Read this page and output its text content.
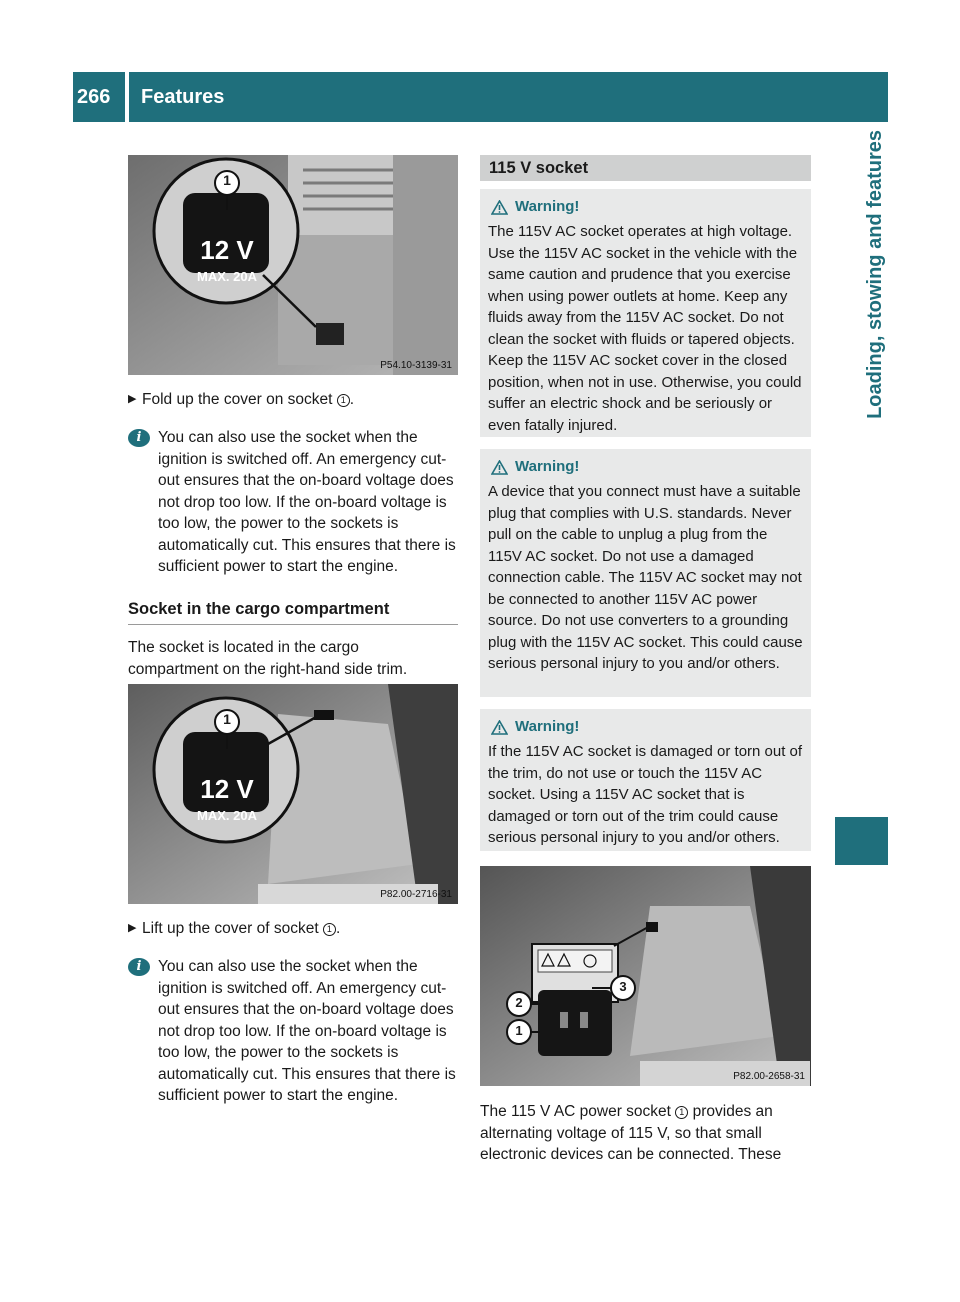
266	Features
Loading, stowing and features
12 V
MAX. 20A
1
P54.10-3139-31
▶ Fold up the cover on socket 1 .
i	You can also use the socket when the ignition is switched off. An emergency cut-out ensures that the on-board voltage does not drop too low. If the on-board voltage is too low, the power to the sockets is automatically cut. This ensures that there is sufficient power to start the engine.
Socket in the cargo compartment
The socket is located in the cargo compartment on the right-hand side trim.
12 V
MAX. 20A
1
P82.00-2716-31
▶ Lift up the cover of socket 1 .
i	You can also use the socket when the ignition is switched off. An emergency cut-out ensures that the on-board voltage does not drop too low. If the on-board voltage is too low, the power to the sockets is automatically cut. This ensures that there is sufficient power to start the engine.
115 V socket
Warning!
The 115V AC socket operates at high voltage. Use the 115V AC socket in the vehicle with the same caution and prudence that you exercise when using power outlets at home. Keep any fluids away from the 115V AC socket. Do not clean the socket with fluids or tapered objects. Keep the 115V AC socket cover in the closed position, when not in use. Otherwise, you could suffer an electric shock and be seriously or even fatally injured.
Warning!
A device that you connect must have a suitable plug that complies with U.S. standards. Never pull on the cable to unplug a plug from the 115V AC socket. Do not use a damaged connection cable. The 115V AC socket may not be connected to another 115V AC power source. Do not use converters to a grounding plug with the 115V AC socket. This could cause serious personal injury to you and/or others.
Warning!
If the 115V AC socket is damaged or torn out of the trim, do not use or touch the 115V AC socket. Using a 115V AC socket that is damaged or torn out of the trim could cause serious personal injury to you and/or others.
1
2
3
P82.00-2658-31
The 115 V AC power socket 1 provides an alternating voltage of 115 V, so that small electronic devices can be connected. These
